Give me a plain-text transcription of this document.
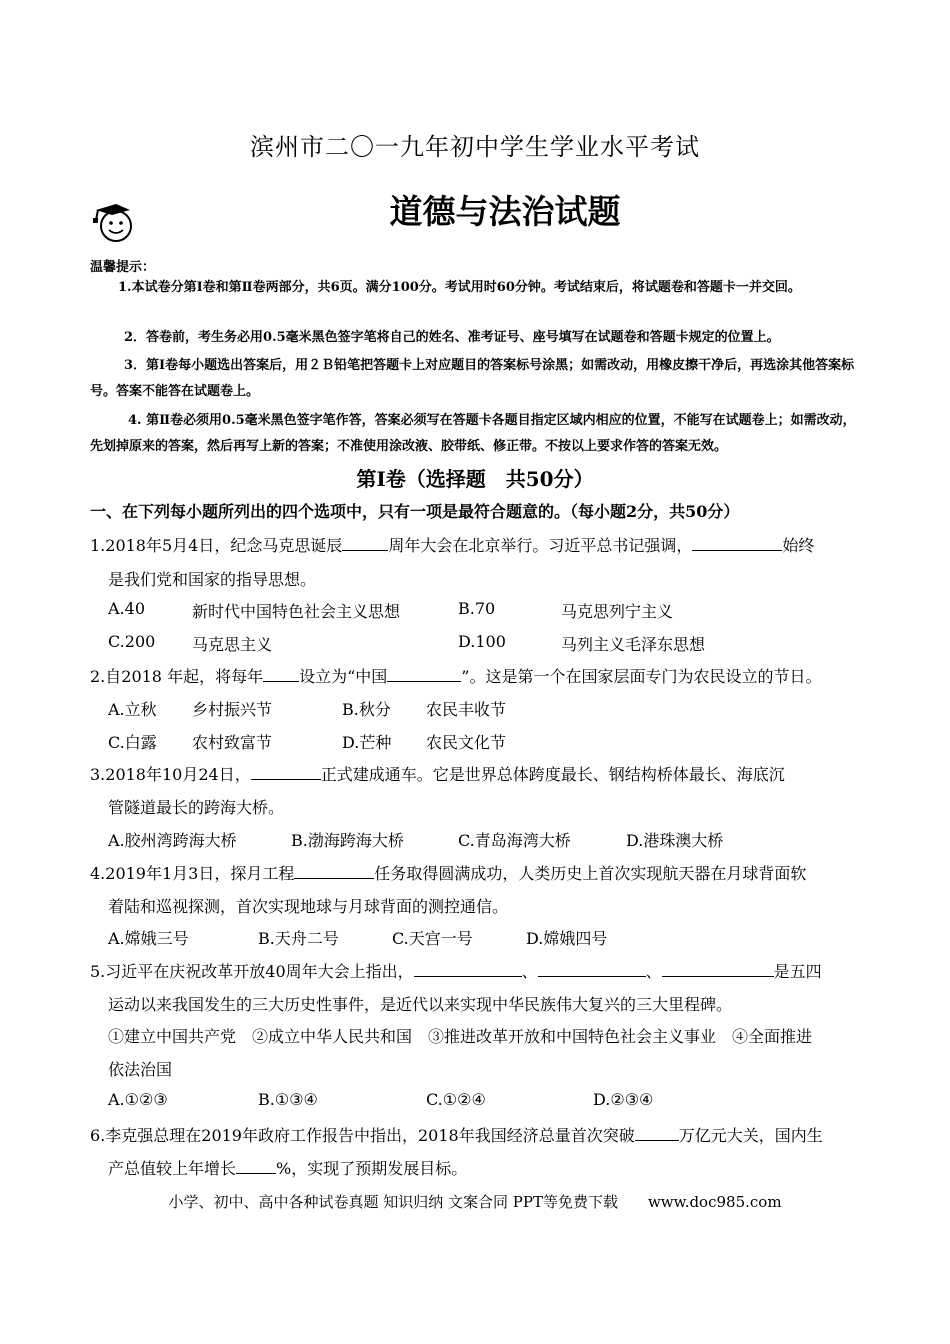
滨州市二〇一九年初中学生学业水平考试
道德与法治试题
温馨提示：
1.本试卷分第Ⅰ卷和第Ⅱ卷两部分，共6页。满分100分。考试用时60分钟。考试结束后，将试题卷和答题卡一并交回。
2．答卷前，考生务必用0.5毫米黑色签字笔将自己的姓名、准考证号、座号填写在试题卷和答题卡规定的位置上。
3．第Ⅰ卷每小题选出答案后，用２Ｂ铅笔把答题卡上对应题目的答案标号涂黑；如需改动，用橡皮擦干净后，再选涂其他答案标号。答案不能答在试题卷上。
4. 第Ⅱ卷必须用0.5毫米黑色签字笔作答，答案必须写在答题卡各题目指定区域内相应的位置，不能写在试题卷上；如需改动，先划掉原来的答案，然后再写上新的答案；不准使用涂改液、胶带纸、修正带。不按以上要求作答的答案无效。
第Ⅰ卷（选择题　共50分）
一、在下列每小题所列出的四个选项中，只有一项是最符合题意的。（每小题2分，共50分）
1.2018年5月4日，纪念马克思诞辰	周年大会在北京举行。习近平总书记强调，	始终
是我们党和国家的指导思想。
A.40	新时代中国特色社会主义思想	B.70	马克思列宁主义
C.200 马克思主义	D.100	马列主义毛泽东思想
2.自2018 年起，将每年 设立为“中国	”。这是第一个在国家层面专门为农民设立的节日。
A.立秋 乡村振兴节	B.秋分 农民丰收节
C.白露 农村致富节	D.芒种 农民文化节
3.2018年10月24日，	正式建成通车。它是世界总体跨度最长、钢结构桥体最长、海底沉
管隧道最长的跨海大桥。
A.胶州湾跨海大桥	B.渤海跨海大桥	C.青岛海湾大桥	D.港珠澳大桥
4.2019年1月3日，探月工程	任务取得圆满成功，人类历史上首次实现航天器在月球背面软
着陆和巡视探测，首次实现地球与月球背面的测控通信。
A.嫦娥三号	B.天舟二号	C.天宫一号	D.嫦娥四号
5.习近平在庆祝改革开放40周年大会上指出，	、	、	是五四
运动以来我国发生的三大历史性事件，是近代以来实现中华民族伟大复兴的三大里程碑。
①建立中国共产党　②成立中华人民共和国　③推进改革开放和中国特色社会主义事业　④全面推进
依法治国
A.①②③	B.①③④	C.①②④	D.②③④
6.李克强总理在2019年政府工作报告中指出，2018年我国经济总量首次突破	万亿元大关，国内生
产总值较上年增长	%，实现了预期发展目标。
小学、初中、高中各种试卷真题 知识归纳 文案合同 PPT等免费下载　　www.doc985.com
